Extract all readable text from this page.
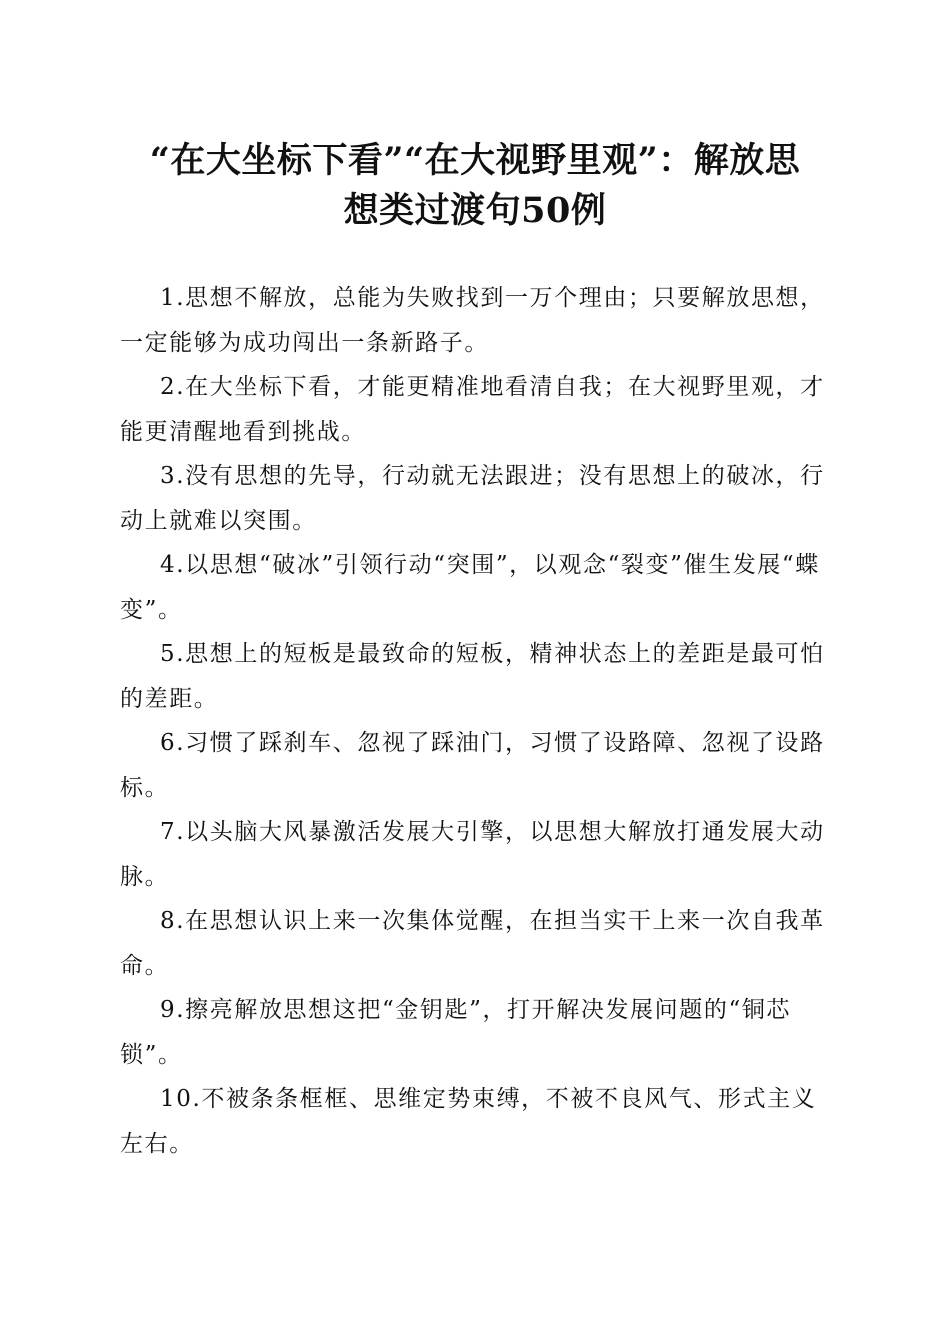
“在大坐标下看”“在大视野里观”：解放思
想类过渡句50例

1.思想不解放，总能为失败找到一万个理由；只要解放思想，一定能够为成功闯出一条新路子。

2.在大坐标下看，才能更精准地看清自我；在大视野里观，才能更清醒地看到挑战。

3.没有思想的先导，行动就无法跟进；没有思想上的破冰，行动上就难以突围。

4.以思想“破冰”引领行动“突围”，以观念“裂变”催生发展“蝶变”。

5.思想上的短板是最致命的短板，精神状态上的差距是最可怕的差距。

6.习惯了踩刹车、忽视了踩油门，习惯了设路障、忽视了设路标。

7.以头脑大风暴激活发展大引擎，以思想大解放打通发展大动脉。

8.在思想认识上来一次集体觉醒，在担当实干上来一次自我革命。

9.擦亮解放思想这把“金钥匙”，打开解决发展问题的“铜芯锁”。

10.不被条条框框、思维定势束缚，不被不良风气、形式主义左右。
